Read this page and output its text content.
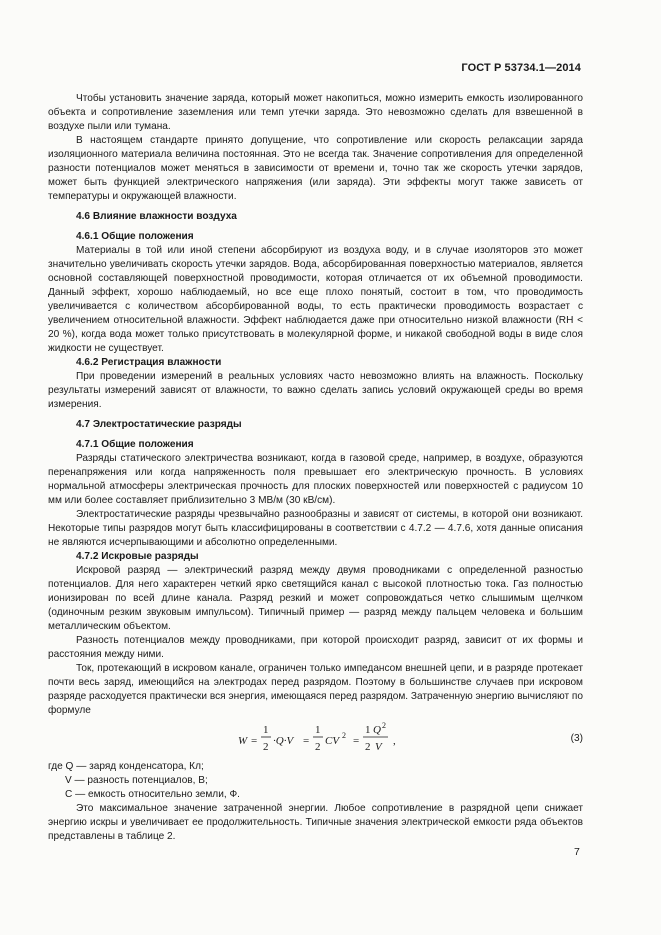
ГОСТ Р 53734.1—2014

Чтобы установить значение заряда, который может накопиться, можно измерить емкость изолированного объекта и сопротивление заземления или темп утечки заряда. Это невозможно сделать для взвешенной в воздухе пыли или тумана.

В настоящем стандарте принято допущение, что сопротивление или скорость релаксации заряда изоляционного материала величина постоянная. Это не всегда так. Значение сопротивления для определенной разности потенциалов может меняться в зависимости от времени и, точно так же скорость утечки зарядов, может быть функцией электрического напряжения (или заряда). Эти эффекты могут также зависеть от температуры и окружающей влажности.

4.6 Влияние влажности воздуха

4.6.1 Общие положения

Материалы в той или иной степени абсорбируют из воздуха воду, и в случае изоляторов это может значительно увеличивать скорость утечки зарядов. Вода, абсорбированная поверхностью материалов, является основной составляющей поверхностной проводимости, которая отличается от их объемной проводимости. Данный эффект, хорошо наблюдаемый, но все еще плохо понятый, состоит в том, что проводимость увеличивается с количеством абсорбированной воды, то есть практически проводимость возрастает с увеличением относительной влажности. Эффект наблюдается даже при относительно низкой влажности (RH < 20 %), когда вода может только присутствовать в молекулярной форме, и никакой свободной воды в виде слоя жидкости не существует.

4.6.2 Регистрация влажности

При проведении измерений в реальных условиях часто невозможно влиять на влажность. Поскольку результаты измерений зависят от влажности, то важно сделать запись условий окружающей среды во время измерения.

4.7 Электростатические разряды

4.7.1 Общие положения

Разряды статического электричества возникают, когда в газовой среде, например, в воздухе, образуются перенапряжения или когда напряженность поля превышает его электрическую прочность. В условиях нормальной атмосферы электрическая прочность для плоских поверхностей или поверхностей с радиусом 10 мм или более составляет приблизительно 3 МВ/м (30 кВ/см).

Электростатические разряды чрезвычайно разнообразны и зависят от системы, в которой они возникают. Некоторые типы разрядов могут быть классифицированы в соответствии с 4.7.2 — 4.7.6, хотя данные описания не являются исчерпывающими и абсолютно определенными.

4.7.2 Искровые разряды

Искровой разряд — электрический разряд между двумя проводниками с определенной разностью потенциалов. Для него характерен четкий ярко светящийся канал с высокой плотностью тока. Газ полностью ионизирован по всей длине канала. Разряд резкий и может сопровождаться четко слышимым щелчком (одиночным резким звуковым импульсом). Типичный пример — разряд между пальцем человека и большим металлическим объектом.

Разность потенциалов между проводниками, при которой происходит разряд, зависит от их формы и расстояния между ними.

Ток, протекающий в искровом канале, ограничен только импедансом внешней цепи, и в разряде протекает почти весь заряд, имеющийся на электродах перед разрядом. Поэтому в большинстве случаев при искровом разряде расходуется практически вся энергия, имеющаяся перед разрядом. Затраченную энергию вычисляют по формуле

W =
1
2 ·Q·V =
1
2 CV 2 =
1
2
Q 2
V ,	(3)

где Q — заряд конденсатора, Кл;

V — разность потенциалов, В;

C — емкость относительно земли, Ф.

Это максимальное значение затраченной энергии. Любое сопротивление в разрядной цепи снижает энергию искры и увеличивает ее продолжительность. Типичные значения электрической емкости ряда объектов представлены в таблице 2.

7
